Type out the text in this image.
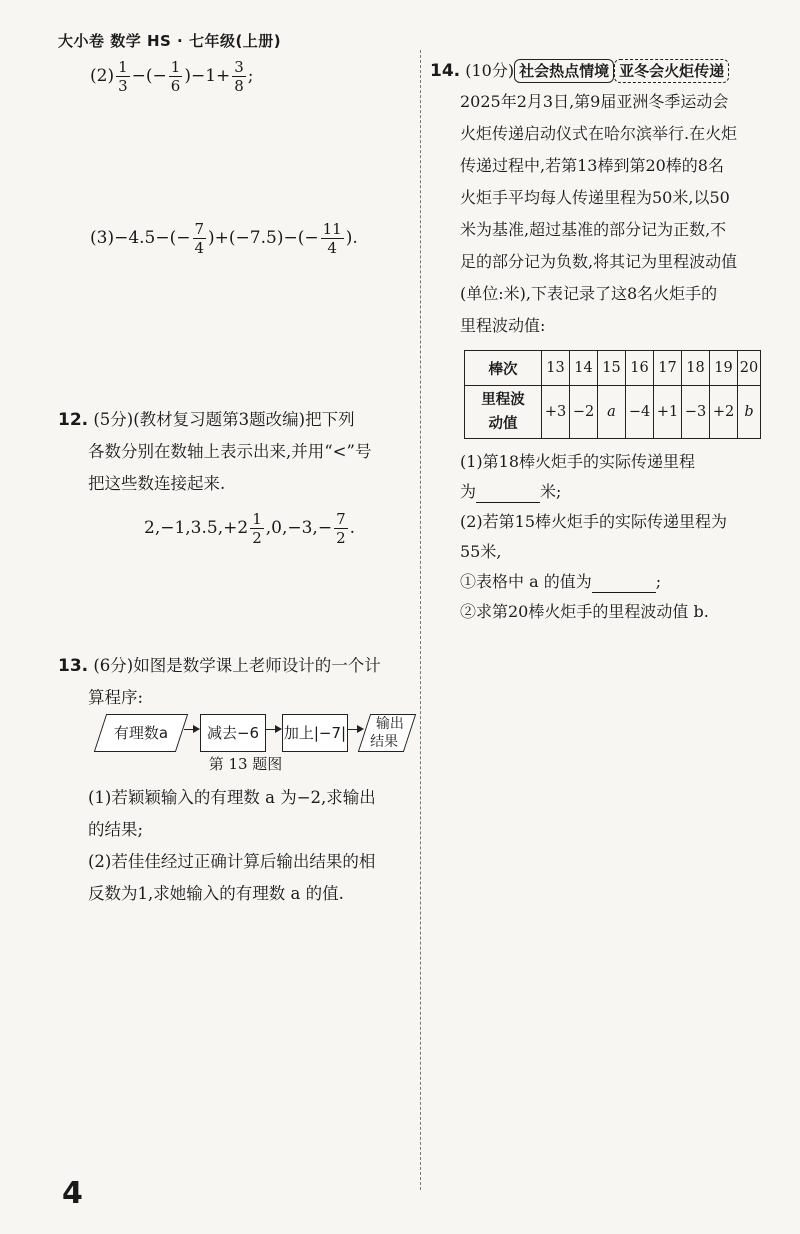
大小卷 数学 HS · 七年级(上册)
$(2) \frac{1}{3}$ −(− $\frac{1}{6} )-1+ \frac{3}{8}$ ;
$(3)-4.5-(- \frac{7}{4} )+(-7.5)-(- \frac{11}{4}$ ).
12. (5分)(教材复习题第3题改编)把下列
各数分别在数轴上表示出来,并用“<”号
把这些数连接起来.
$2,-1,3.5,+2 \frac{1}{2} ,0,-3,- \frac{7}{2}$ .
13. (6分)如图是数学课上老师设计的一个计
算程序:
有理数a	减去−6	加上|−7|	输出
结果
第 13 题图
(1)若颖颖输入的有理数 a 为−2,求输出
的结果;
(2)若佳佳经过正确计算后输出结果的相
反数为1,求她输入的有理数 a 的值.
14. (10分) 社会热点情境 亚冬会火炬传递
2025年2月3日,第9届亚洲冬季运动会
火炬传递启动仪式在哈尔滨举行.在火炬
传递过程中,若第13棒到第20棒的8名
火炬手平均每人传递里程为50米,以50
米为基准,超过基准的部分记为正数,不
足的部分记为负数,将其记为里程波动值
(单位:米),下表记录了这8名火炬手的
里程波动值:
棒次	13	14	15	16	17	18	19	20

里程波
动值	+3	−2	a	−4	+1	−3	+2	b
(1)第18棒火炬手的实际传递里程
为	米;
(2)若第15棒火炬手的实际传递里程为
55米,
①表格中 a 的值为	;
②求第20棒火炬手的里程波动值 b.
4
